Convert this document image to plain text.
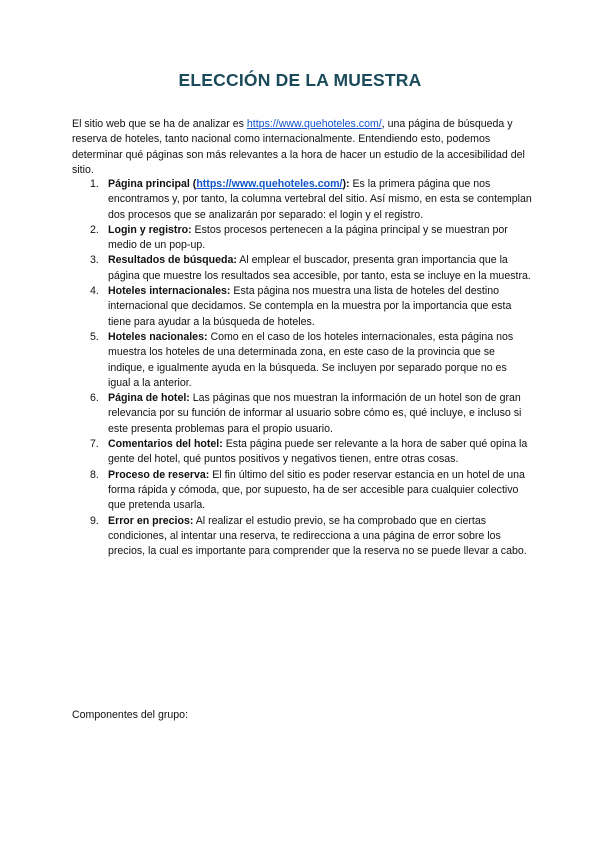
ELECCIÓN DE LA MUESTRA

El sitio web que se ha de analizar es https://www.quehoteles.com/, una página de búsqueda y reserva de hoteles, tanto nacional como internacionalmente. Entendiendo esto, podemos determinar qué páginas son más relevantes a la hora de hacer un estudio de la accesibilidad del sitio.

1. Página principal (https://www.quehoteles.com/): Es la primera página que nos encontramos y, por tanto, la columna vertebral del sitio. Así mismo, en esta se contemplan dos procesos que se analizarán por separado: el login y el registro.
2. Login y registro: Estos procesos pertenecen a la página principal y se muestran por medio de un pop-up.
3. Resultados de búsqueda: Al emplear el buscador, presenta gran importancia que la página que muestre los resultados sea accesible, por tanto, esta se incluye en la muestra.
4. Hoteles internacionales: Esta página nos muestra una lista de hoteles del destino internacional que decidamos. Se contempla en la muestra por la importancia que esta tiene para ayudar a la búsqueda de hoteles.
5. Hoteles nacionales: Como en el caso de los hoteles internacionales, esta página nos muestra los hoteles de una determinada zona, en este caso de la provincia que se indique, e igualmente ayuda en la búsqueda. Se incluyen por separado porque no es igual a la anterior.
6. Página de hotel: Las páginas que nos muestran la información de un hotel son de gran relevancia por su función de informar al usuario sobre cómo es, qué incluye, e incluso si este presenta problemas para el propio usuario.
7. Comentarios del hotel: Esta página puede ser relevante a la hora de saber qué opina la gente del hotel, qué puntos positivos y negativos tienen, entre otras cosas.
8. Proceso de reserva: El fin último del sitio es poder reservar estancia en un hotel de una forma rápida y cómoda, que, por supuesto, ha de ser accesible para cualquier colectivo que pretenda usarla.
9. Error en precios: Al realizar el estudio previo, se ha comprobado que en ciertas condiciones, al intentar una reserva, te redirecciona a una página de error sobre los precios, la cual es importante para comprender que la reserva no se puede llevar a cabo.

Componentes del grupo:
